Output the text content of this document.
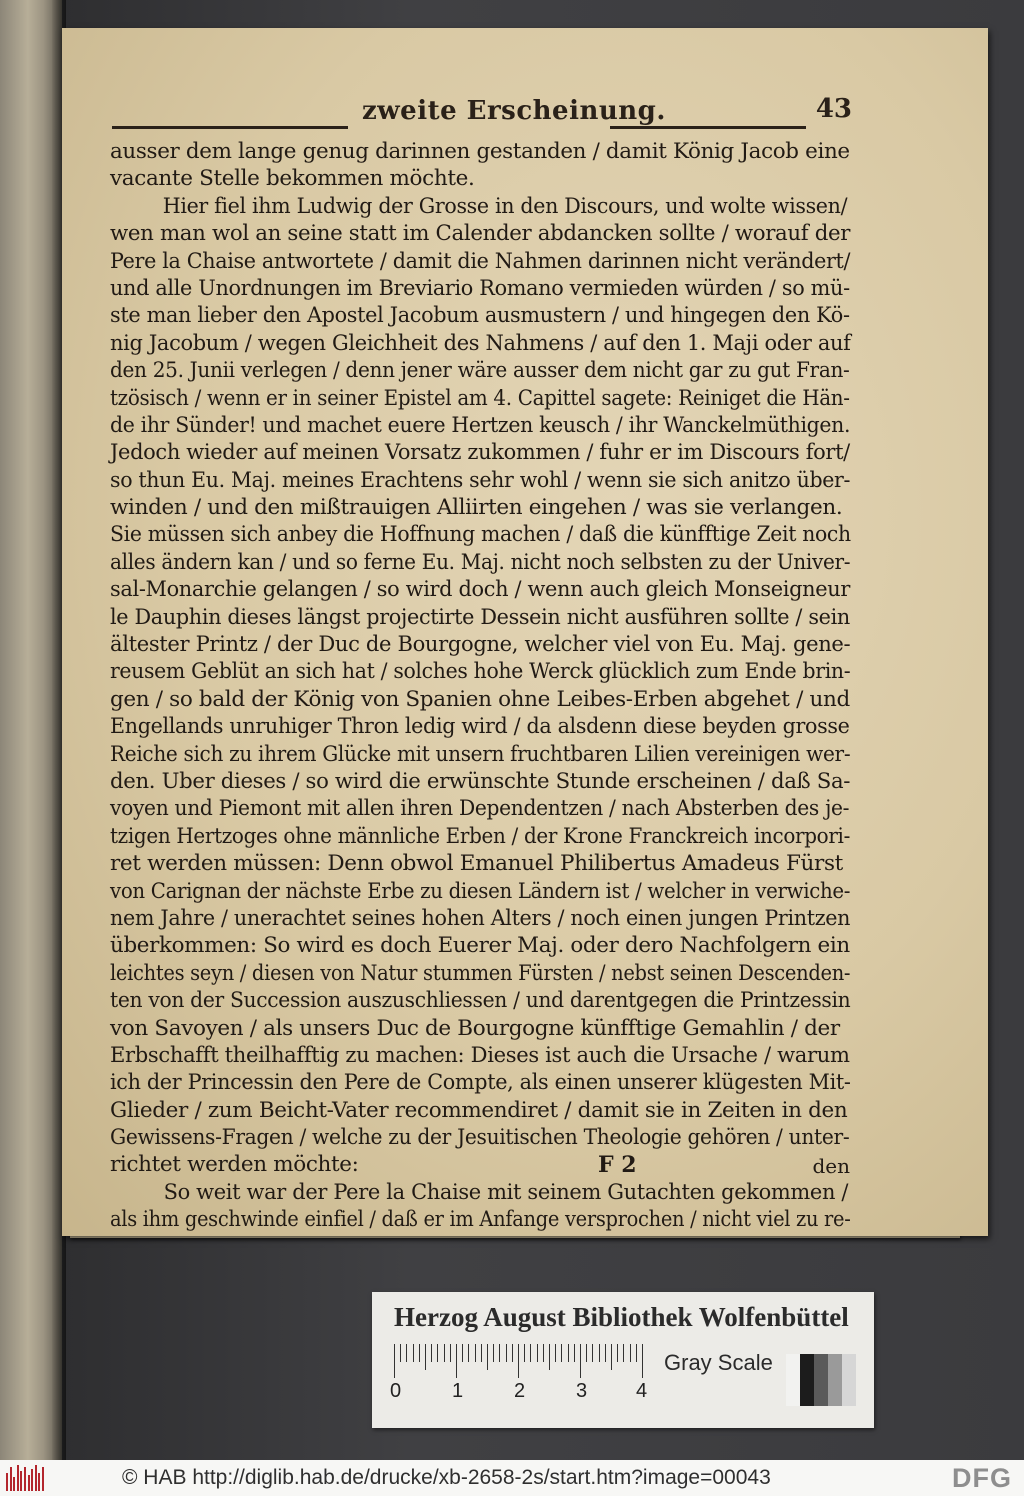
zweite Erscheinung.	43
ausser dem lange genug darinnen gestanden / damit König Jacob eine
vacante Stelle bekommen möchte.
Hier fiel ihm Ludwig der Grosse in den Discours, und wolte wissen/
wen man wol an seine statt im Calender abdancken sollte / worauf der
Pere la Chaise antwortete / damit die Nahmen darinnen nicht verändert/
und alle Unordnungen im Breviario Romano vermieden würden / so mü-
ste man lieber den Apostel Jacobum ausmustern / und hingegen den Kö-
nig Jacobum / wegen Gleichheit des Nahmens / auf den 1. Maji oder auf
den 25. Junii verlegen / denn jener wäre ausser dem nicht gar zu gut Fran-
tzösisch / wenn er in seiner Epistel am 4. Capittel sagete: Reiniget die Hän-
de ihr Sünder! und machet euere Hertzen keusch / ihr Wanckelmüthigen.
Jedoch wieder auf meinen Vorsatz zukommen / fuhr er im Discours fort/
so thun Eu. Maj. meines Erachtens sehr wohl / wenn sie sich anitzo über-
winden / und den mißtrauigen Alliirten eingehen / was sie verlangen.
Sie müssen sich anbey die Hoffnung machen / daß die künfftige Zeit noch
alles ändern kan / und so ferne Eu. Maj. nicht noch selbsten zu der Univer-
sal-Monarchie gelangen / so wird doch / wenn auch gleich Monseigneur
le Dauphin dieses längst projectirte Dessein nicht ausführen sollte / sein
ältester Printz / der Duc de Bourgogne, welcher viel von Eu. Maj. gene-
reusem Geblüt an sich hat / solches hohe Werck glücklich zum Ende brin-
gen / so bald der König von Spanien ohne Leibes-Erben abgehet / und
Engellands unruhiger Thron ledig wird / da alsdenn diese beyden grosse
Reiche sich zu ihrem Glücke mit unsern fruchtbaren Lilien vereinigen wer-
den. Uber dieses / so wird die erwünschte Stunde erscheinen / daß Sa-
voyen und Piemont mit allen ihren Dependentzen / nach Absterben des je-
tzigen Hertzoges ohne männliche Erben / der Krone Franckreich incorpori-
ret werden müssen: Denn obwol Emanuel Philibertus Amadeus Fürst
von Carignan der nächste Erbe zu diesen Ländern ist / welcher in verwiche-
nem Jahre / unerachtet seines hohen Alters / noch einen jungen Printzen
überkommen: So wird es doch Euerer Maj. oder dero Nachfolgern ein
leichtes seyn / diesen von Natur stummen Fürsten / nebst seinen Descenden-
ten von der Succession auszuschliessen / und darentgegen die Printzessin
von Savoyen / als unsers Duc de Bourgogne künfftige Gemahlin / der
Erbschafft theilhafftig zu machen: Dieses ist auch die Ursache / warum
ich der Princessin den Pere de Compte, als einen unserer klügesten Mit-
Glieder / zum Beicht-Vater recommendiret / damit sie in Zeiten in den
Gewissens-Fragen / welche zu der Jesuitischen Theologie gehören / unter-
richtet werden möchte:
So weit war der Pere la Chaise mit seinem Gutachten gekommen /
als ihm geschwinde einfiel / daß er im Anfange versprochen / nicht viel zu re-
F 2	den
Herzog August Bibliothek Wolfenbüttel
0	1	2	3 4
Gray Scale
© HAB http://diglib.hab.de/drucke/xb-2658-2s/start.htm?image=00043	DFG
